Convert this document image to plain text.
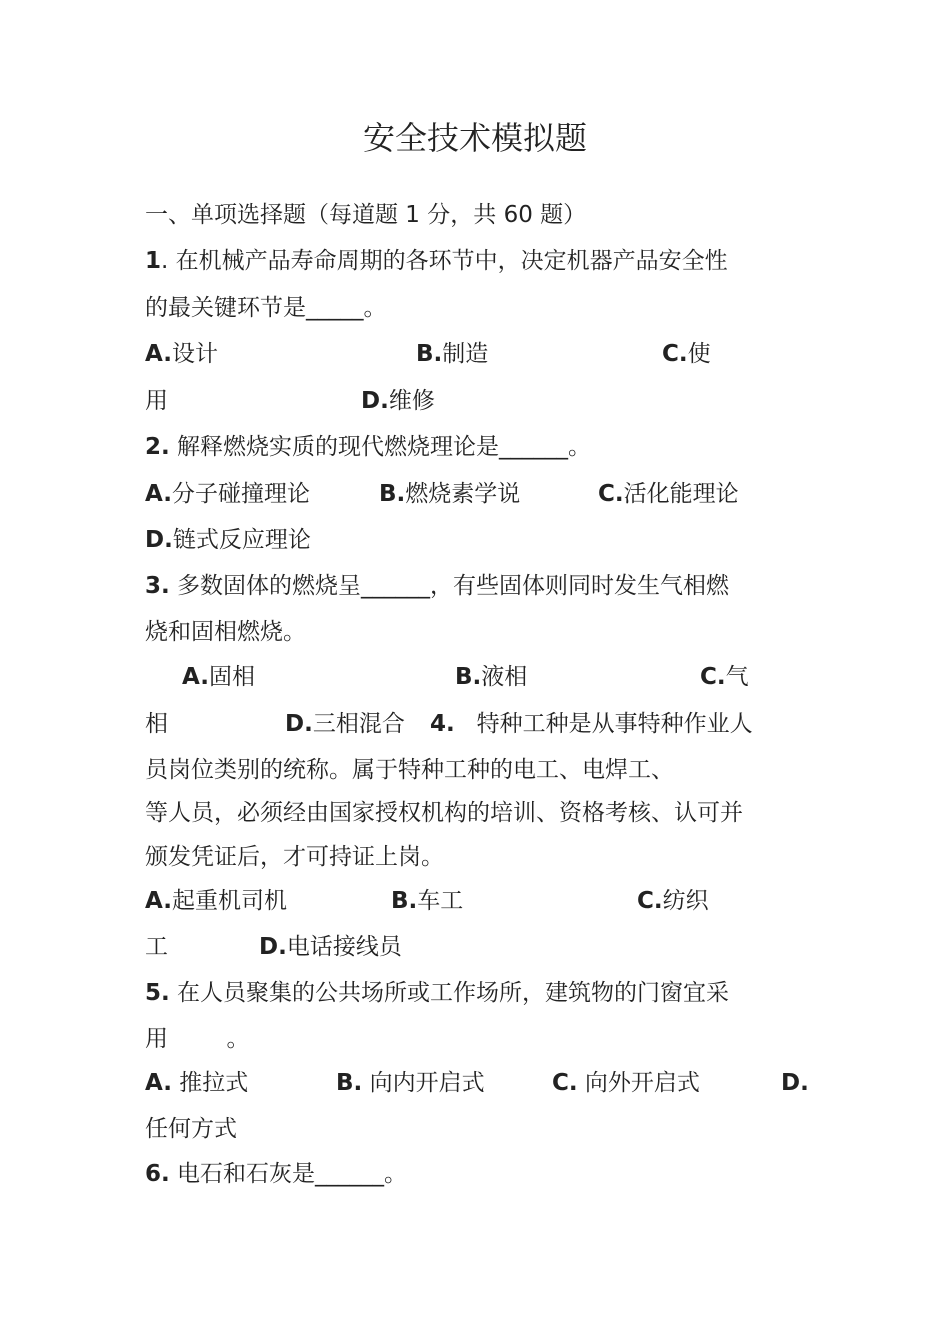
安全技术模拟题
一、单项选择题（每道题 1 分，共 60 题）
1. 在机械产品寿命周期的各环节中，决定机器产品安全性
的最关键环节是_____。
A.设计	B.制造	C.使
用	D.维修
2. 解释燃烧实质的现代燃烧理论是______。
A.分子碰撞理论	B.燃烧素学说	C.活化能理论
D.链式反应理论
3. 多数固体的燃烧呈______，有些固体则同时发生气相燃
烧和固相燃烧。
A.固相	B.液相	C.气
相	D.三相混合 4.   特种工种是从事特种作业人
员岗位类别的统称。属于特种工种的电工、电焊工、
等人员，必须经由国家授权机构的培训、资格考核、认可并
颁发凭证后，才可持证上岗。
A.起重机司机	B.车工	C.纺织
工	D.电话接线员
5. 在人员聚集的公共场所或工作场所，建筑物的门窗宜采
用        。
A. 推拉式	B. 向内开启式	C. 向外开启式	D.
任何方式
6. 电石和石灰是______。
